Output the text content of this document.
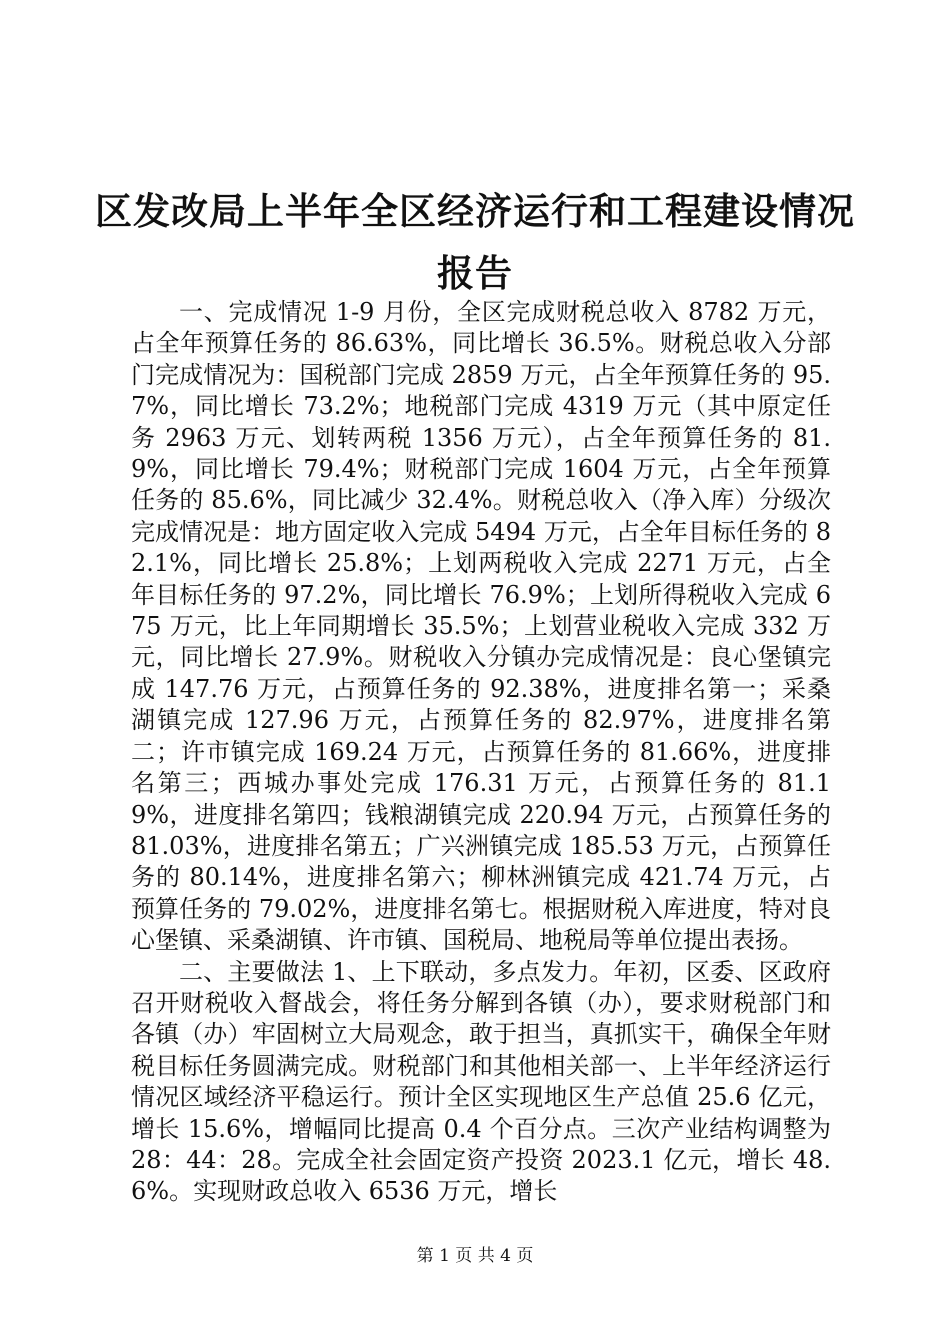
区发改局上半年全区经济运行和工程建设情况报告

一、完成情况 1-9 月份，全区完成财税总收入 8782 万元，占全年预算任务的 86.63%，同比增长 36.5%。财税总收入分部门完成情况为：国税部门完成 2859 万元，占全年预算任务的 95.7%，同比增长 73.2%；地税部门完成 4319 万元（其中原定任务 2963 万元、划转两税 1356 万元），占全年预算任务的 81.9%，同比增长 79.4%；财税部门完成 1604 万元，占全年预算任务的 85.6%，同比减少 32.4%。财税总收入（净入库）分级次完成情况是：地方固定收入完成 5494 万元，占全年目标任务的 82.1%，同比增长 25.8%；上划两税收入完成 2271 万元，占全年目标任务的 97.2%，同比增长 76.9%；上划所得税收入完成 675 万元，比上年同期增长 35.5%；上划营业税收入完成 332 万元，同比增长 27.9%。财税收入分镇办完成情况是：良心堡镇完成 147.76 万元，占预算任务的 92.38%，进度排名第一；采桑湖镇完成 127.96 万元，占预算任务的 82.97%，进度排名第二；许市镇完成 169.24 万元，占预算任务的 81.66%，进度排名第三；西城办事处完成 176.31 万元，占预算任务的 81.19%，进度排名第四；钱粮湖镇完成 220.94 万元，占预算任务的 81.03%，进度排名第五；广兴洲镇完成 185.53 万元，占预算任务的 80.14%，进度排名第六；柳林洲镇完成 421.74 万元，占预算任务的 79.02%，进度排名第七。根据财税入库进度，特对良心堡镇、采桑湖镇、许市镇、国税局、地税局等单位提出表扬。

二、主要做法 1、上下联动，多点发力。年初，区委、区政府召开财税收入督战会，将任务分解到各镇（办），要求财税部门和各镇（办）牢固树立大局观念，敢于担当，真抓实干，确保全年财税目标任务圆满完成。财税部门和其他相关部一、上半年经济运行情况区域经济平稳运行。预计全区实现地区生产总值 25.6 亿元，增长 15.6%，增幅同比提高 0.4 个百分点。三次产业结构调整为 28：44：28。完成全社会固定资产投资 2023.1 亿元，增长 48.6%。实现财政总收入 6536 万元，增长

第 1 页 共 4 页
